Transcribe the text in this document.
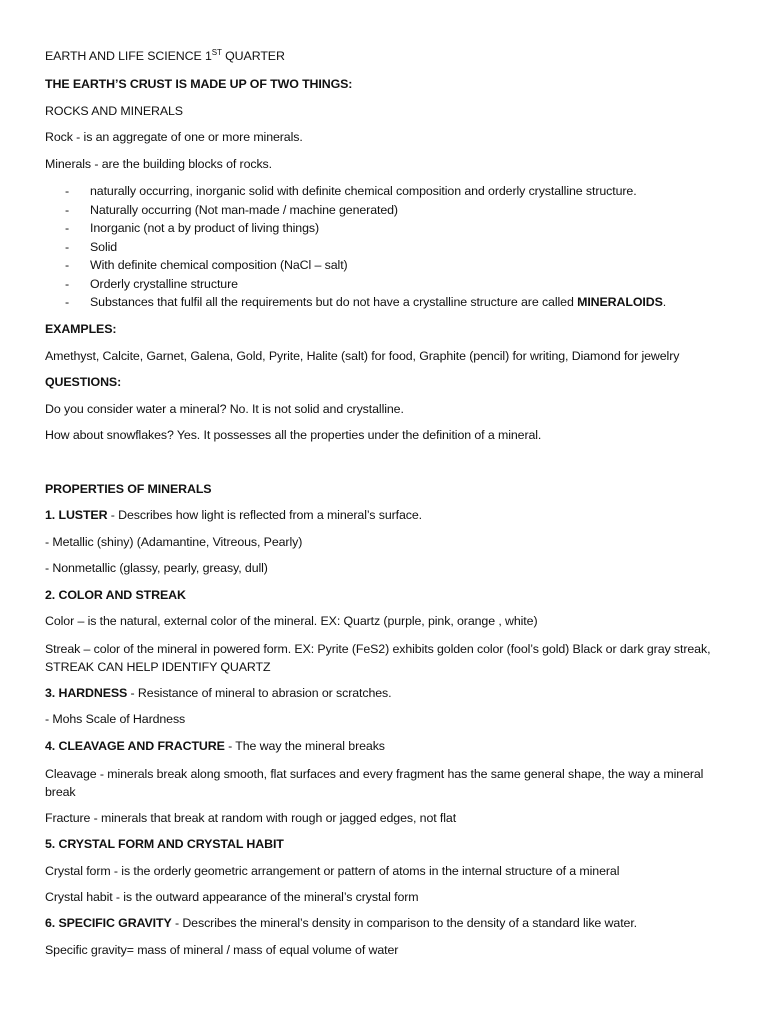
EARTH AND LIFE SCIENCE 1ST QUARTER
THE EARTH’S CRUST IS MADE UP OF TWO THINGS:
ROCKS AND MINERALS
Rock - is an aggregate of one or more minerals.
Minerals - are the building blocks of rocks.
- naturally occurring, inorganic solid with definite chemical composition and orderly crystalline structure.
- Naturally occurring (Not man-made / machine generated)
- Inorganic (not a by product of living things)
- Solid
- With definite chemical composition (NaCl – salt)
- Orderly crystalline structure
- Substances that fulfil all the requirements but do not have a crystalline structure are called MINERALOIDS.
EXAMPLES:
Amethyst, Calcite, Garnet, Galena, Gold, Pyrite, Halite (salt) for food, Graphite (pencil) for writing, Diamond for jewelry
QUESTIONS:
Do you consider water a mineral? No. It is not solid and crystalline.
How about snowflakes? Yes. It possesses all the properties under the definition of a mineral.
PROPERTIES OF MINERALS
1. LUSTER - Describes how light is reflected from a mineral’s surface.
- Metallic (shiny) (Adamantine, Vitreous, Pearly)
- Nonmetallic (glassy, pearly, greasy, dull)
2. COLOR AND STREAK
Color – is the natural, external color of the mineral. EX: Quartz (purple, pink, orange , white)
Streak – color of the mineral in powered form. EX: Pyrite (FeS2) exhibits golden color (fool’s gold) Black or dark gray streak, STREAK CAN HELP IDENTIFY QUARTZ
3. HARDNESS - Resistance of mineral to abrasion or scratches.
- Mohs Scale of Hardness
4. CLEAVAGE AND FRACTURE - The way the mineral breaks
Cleavage - minerals break along smooth, flat surfaces and every fragment has the same general shape, the way a mineral break
Fracture - minerals that break at random with rough or jagged edges, not flat
5. CRYSTAL FORM AND CRYSTAL HABIT
Crystal form - is the orderly geometric arrangement or pattern of atoms in the internal structure of a mineral
Crystal habit - is the outward appearance of the mineral’s crystal form
6. SPECIFIC GRAVITY - Describes the mineral’s density in comparison to the density of a standard like water.
Specific gravity= mass of mineral / mass of equal volume of water
